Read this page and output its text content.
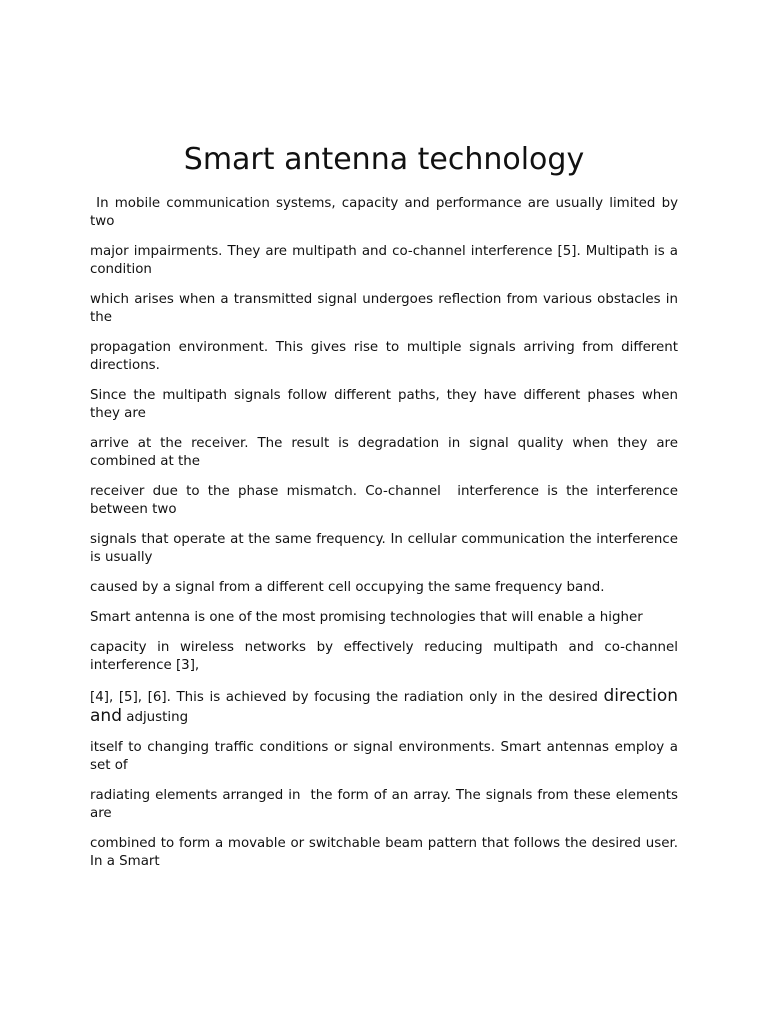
Smart antenna technology

In mobile communication systems, capacity and performance are usually limited by two

major impairments. They are multipath and co-channel interference [5]. Multipath is a condition

which arises when a transmitted signal undergoes reflection from various obstacles in the

propagation environment. This gives rise to multiple signals arriving from different directions.

Since the multipath signals follow different paths, they have different phases when they are

arrive at the receiver. The result is degradation in signal quality when they are combined at the

receiver due to the phase mismatch. Co-channel  interference is the interference between two

signals that operate at the same frequency. In cellular communication the interference is usually

caused by a signal from a different cell occupying the same frequency band.

Smart antenna is one of the most promising technologies that will enable a higher

capacity in wireless networks by effectively reducing multipath and co-channel interference [3],

[4], [5], [6]. This is achieved by focusing the radiation only in the desired direction and adjusting

itself to changing traffic conditions or signal environments. Smart antennas employ a set of

radiating elements arranged in  the form of an array. The signals from these elements are

combined to form a movable or switchable beam pattern that follows the desired user. In a Smart
